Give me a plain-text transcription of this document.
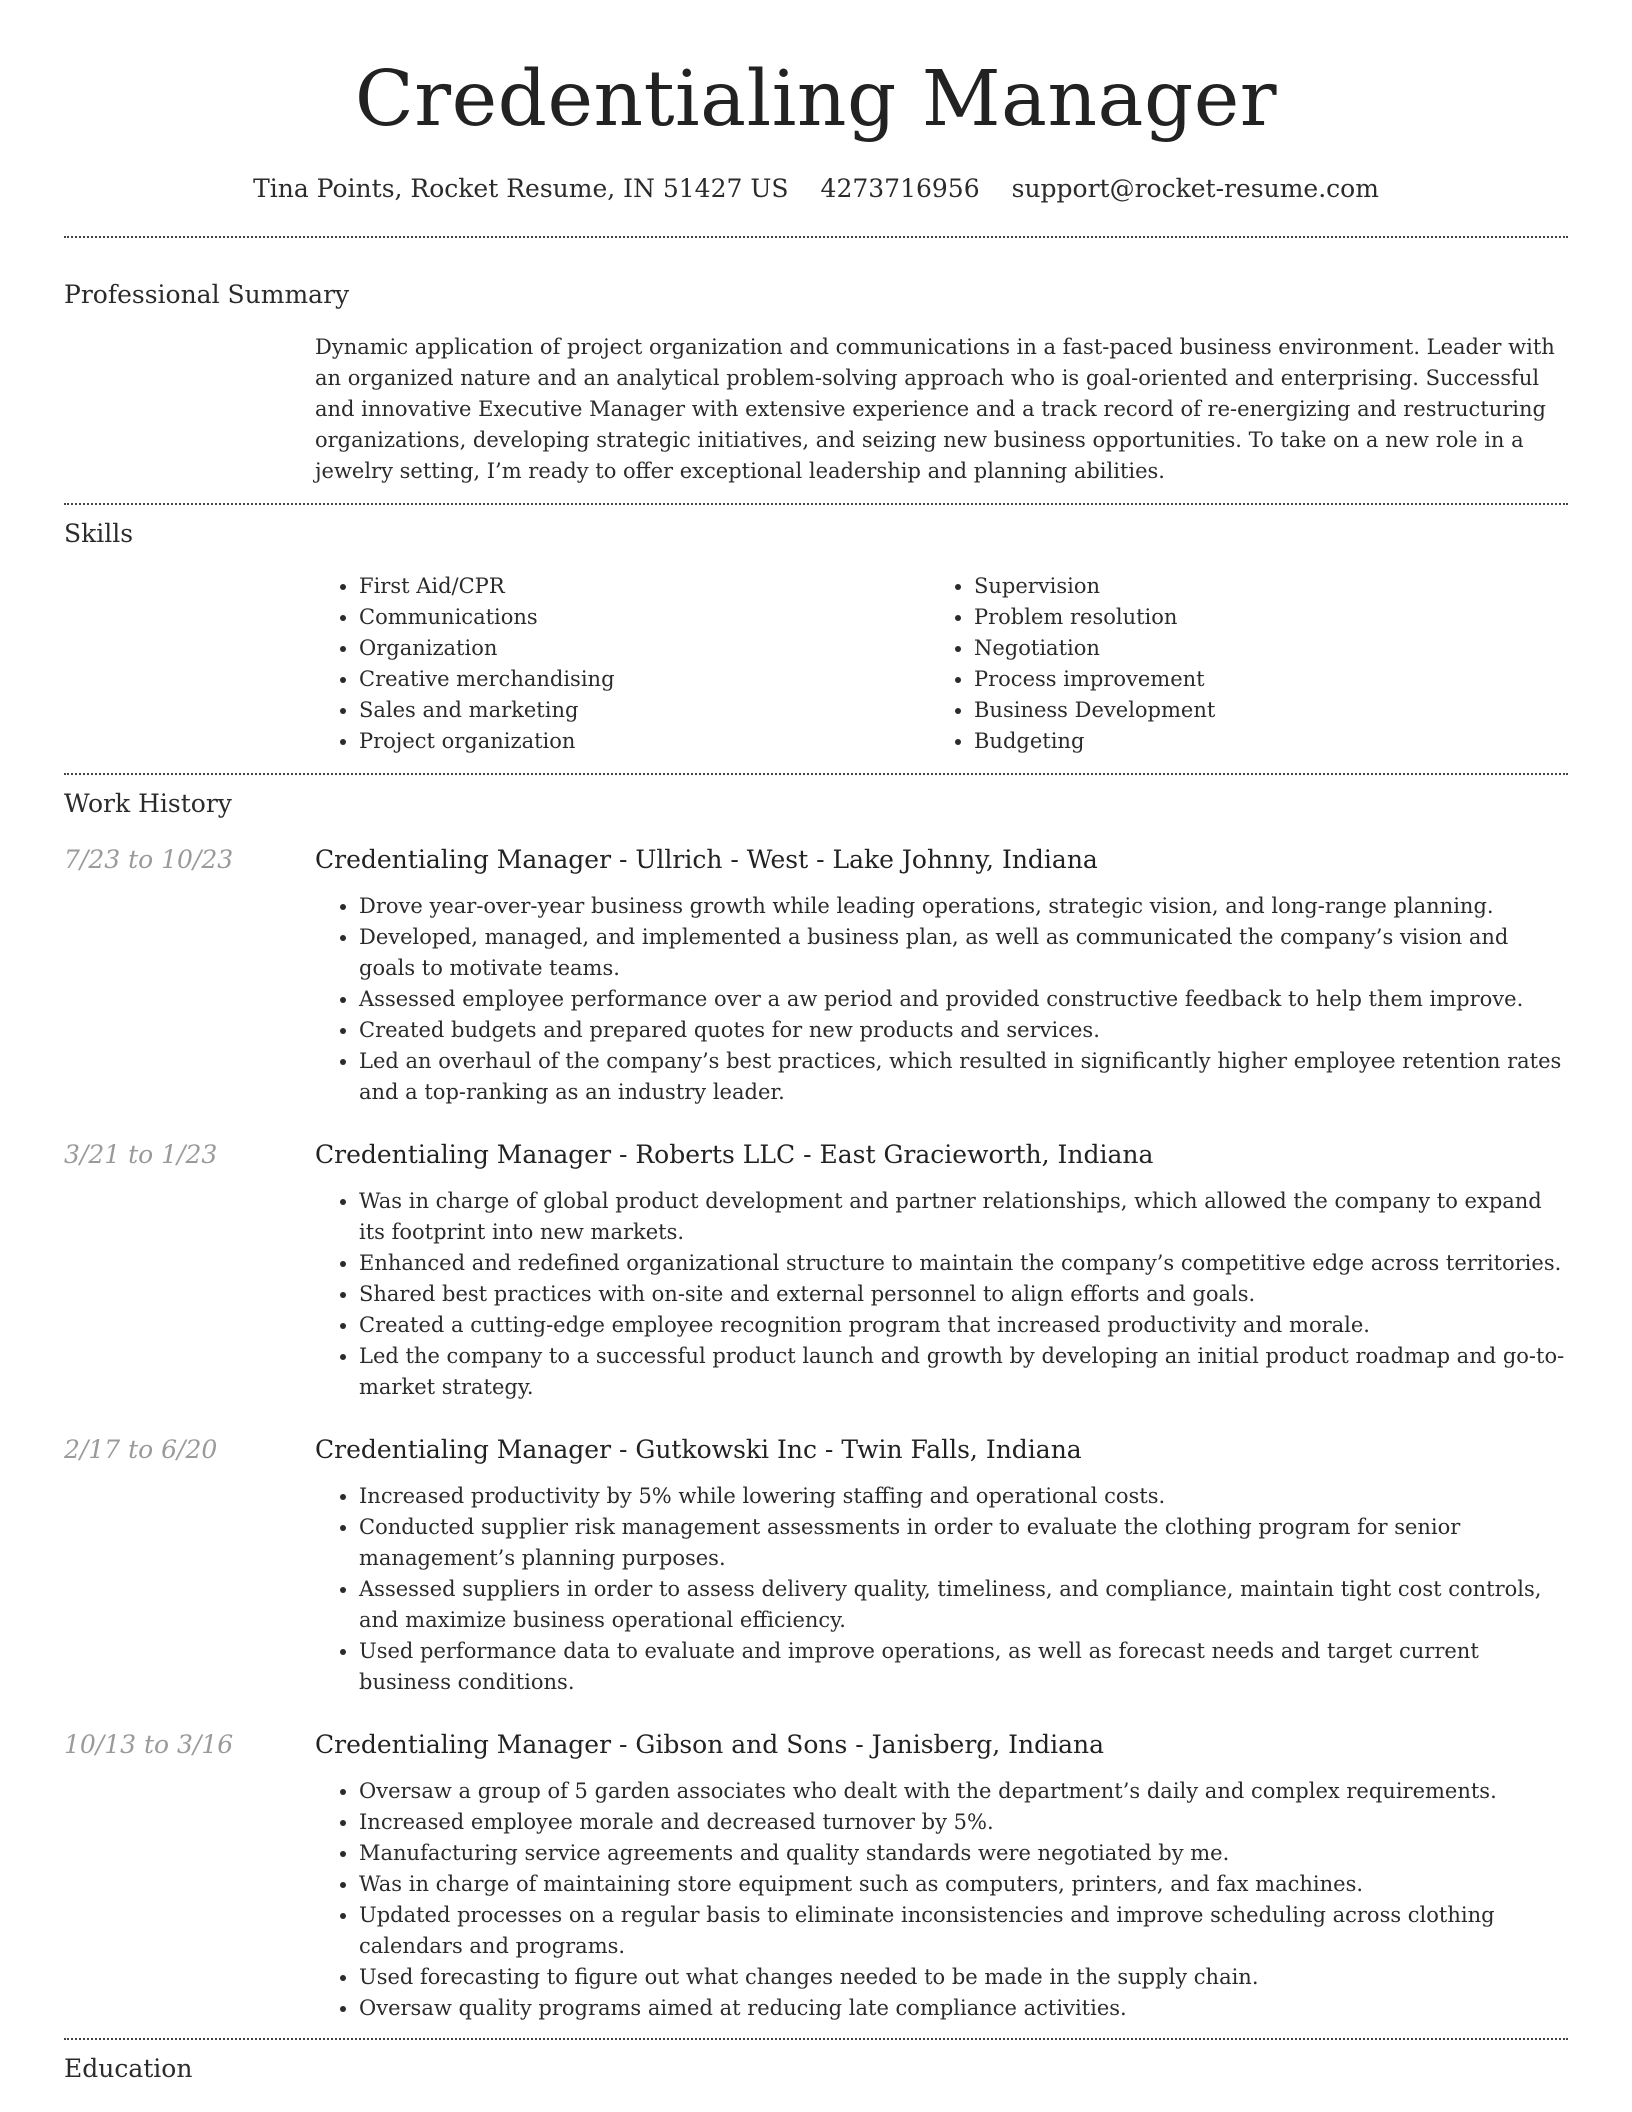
Credentialing Manager
Tina Points, Rocket Resume, IN 51427 US 4273716956 support@rocket-resume.com
Professional Summary

Dynamic application of project organization and communications in a fast-paced business environment. Leader with an organized nature and an analytical problem-solving approach who is goal-oriented and enterprising. Successful and innovative Executive Manager with extensive experience and a track record of re-energizing and restructuring organizations, developing strategic initiatives, and seizing new business opportunities. To take on a new role in a jewelry setting, I’m ready to offer exceptional leadership and planning abilities.

Skills
• First Aid/CPR
• Communications
• Organization
• Creative merchandising
• Sales and marketing
• Project organization
• Supervision
• Problem resolution
• Negotiation
• Process improvement
• Business Development
• Budgeting
Work History
7/23 to 10/23	Credentialing Manager - Ullrich - West - Lake Johnny, Indiana
• Drove year-over-year business growth while leading operations, strategic vision, and long-range planning.
• Developed, managed, and implemented a business plan, as well as communicated the company’s vision and goals to motivate teams.
• Assessed employee performance over a aw period and provided constructive feedback to help them improve.
• Created budgets and prepared quotes for new products and services.
• Led an overhaul of the company’s best practices, which resulted in significantly higher employee retention rates and a top-ranking as an industry leader.
3/21 to 1/23	Credentialing Manager - Roberts LLC - East Gracieworth, Indiana
• Was in charge of global product development and partner relationships, which allowed the company to expand its footprint into new markets.
• Enhanced and redefined organizational structure to maintain the company’s competitive edge across territories.
• Shared best practices with on-site and external personnel to align efforts and goals.
• Created a cutting-edge employee recognition program that increased productivity and morale.
• Led the company to a successful product launch and growth by developing an initial product roadmap and go-to-market strategy.
2/17 to 6/20	Credentialing Manager - Gutkowski Inc - Twin Falls, Indiana
• Increased productivity by 5% while lowering staffing and operational costs.
• Conducted supplier risk management assessments in order to evaluate the clothing program for senior management’s planning purposes.
• Assessed suppliers in order to assess delivery quality, timeliness, and compliance, maintain tight cost controls, and maximize business operational efficiency.
• Used performance data to evaluate and improve operations, as well as forecast needs and target current business conditions.
10/13 to 3/16	Credentialing Manager - Gibson and Sons - Janisberg, Indiana
• Oversaw a group of 5 garden associates who dealt with the department’s daily and complex requirements.
• Increased employee morale and decreased turnover by 5%.
• Manufacturing service agreements and quality standards were negotiated by me.
• Was in charge of maintaining store equipment such as computers, printers, and fax machines.
• Updated processes on a regular basis to eliminate inconsistencies and improve scheduling across clothing calendars and programs.
• Used forecasting to figure out what changes needed to be made in the supply chain.
• Oversaw quality programs aimed at reducing late compliance activities.
Education
